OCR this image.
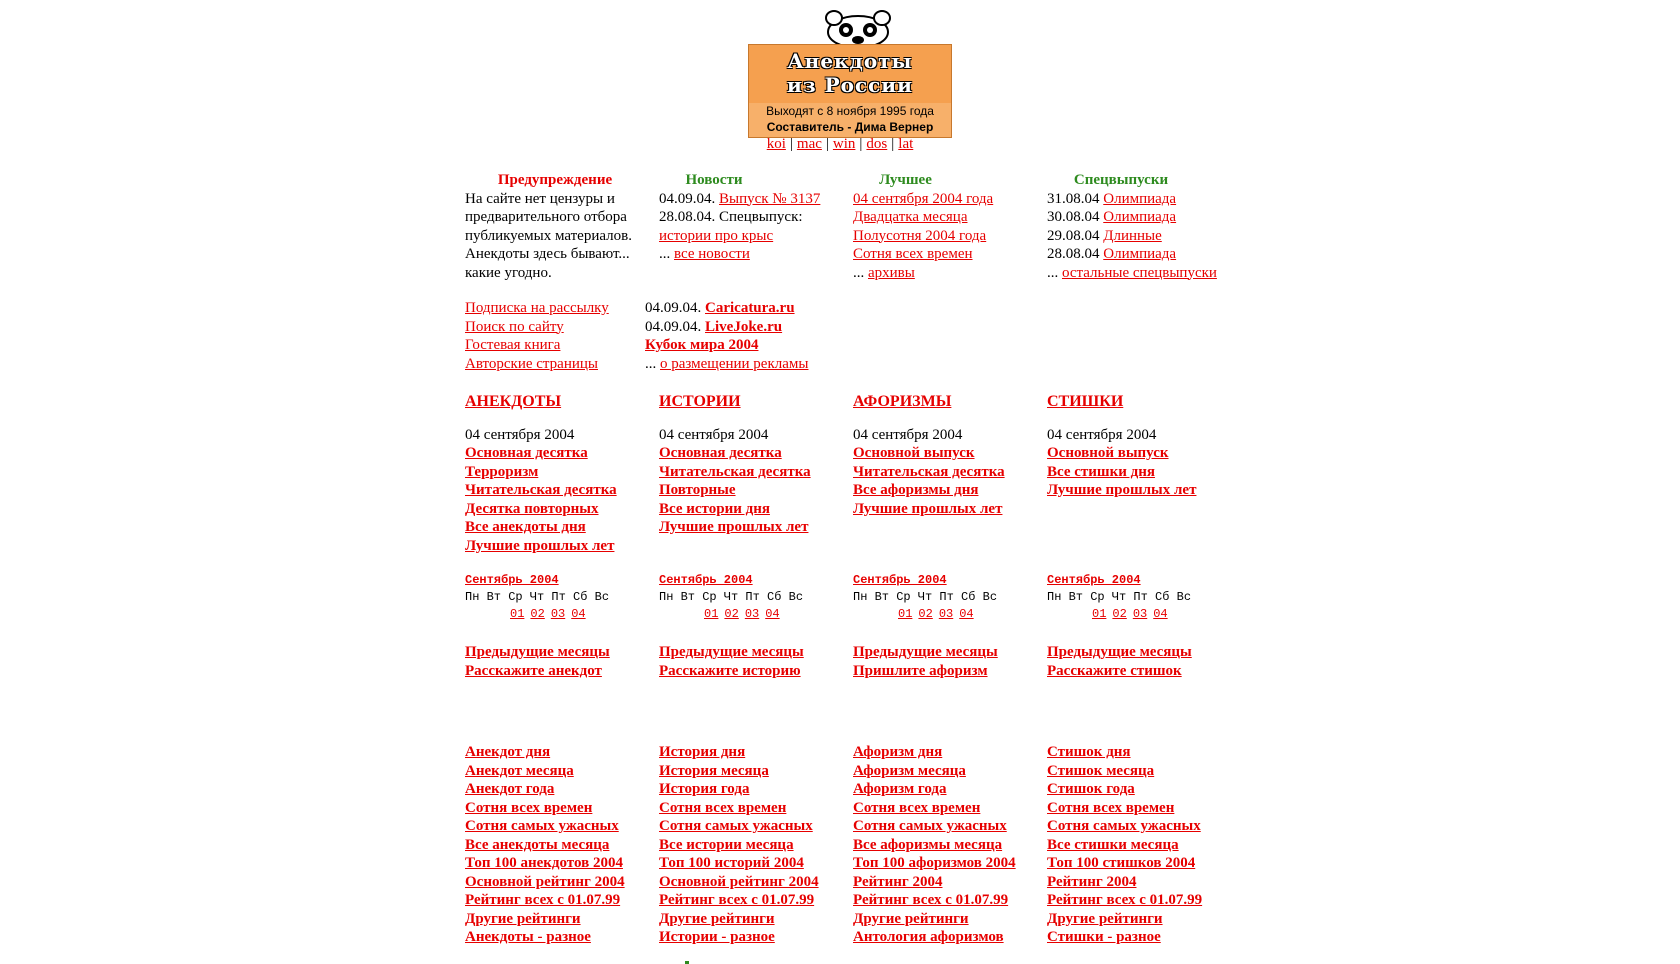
Анекдоты
из России
Выходят с 8 ноября 1995 года
Составитель - Дима Вернер
koi | mac | win | dos | lat
Предупреждение
На сайте нет цензуры и
предварительного отбора
публикуемых материалов.
Анекдоты здесь бывают...
какие угодно.
Новости
04.09.04. Выпуск № 3137
28.08.04. Спецвыпуск:
истории про крыс
... все новости
Лучшее
04 сентября 2004 года
Двадцатка месяца
Полусотня 2004 года
Сотня всех времен
... архивы
Спецвыпуски
31.08.04 Олимпиада
30.08.04 Олимпиада
29.08.04 Длинные
28.08.04 Олимпиада
... остальные спецвыпуски
Подписка на рассылку
Поиск по сайту
Гостевая книга
Авторские страницы
04.09.04. Caricatura.ru
04.09.04. LiveJoke.ru
Кубок мира 2004
... о размещении рекламы
АНЕКДОТЫ
04 сентября 2004
Основная десятка
Терроризм
Читательская десятка
Десятка повторных
Все анекдоты дня
Лучшие прошлых лет
Сентябрь 2004
Пн Вт Ср Чт Пт Сб Вс
01 02 03 04
Предыдущие месяцы
Расскажите анекдот
Анекдот дня
Анекдот месяца
Анекдот года
Сотня всех времен
Сотня самых ужасных
Все анекдоты месяца
Топ 100 анекдотов 2004
Основной рейтинг 2004
Рейтинг всех с 01.07.99
Другие рейтинги
Анекдоты - разное
ИСТОРИИ
04 сентября 2004
Основная десятка
Читательская десятка
Повторные
Все истории дня
Лучшие прошлых лет
Сентябрь 2004
Пн Вт Ср Чт Пт Сб Вс
01 02 03 04
Предыдущие месяцы
Расскажите историю
История дня
История месяца
История года
Сотня всех времен
Сотня самых ужасных
Все истории месяца
Топ 100 историй 2004
Основной рейтинг 2004
Рейтинг всех с 01.07.99
Другие рейтинги
Истории - разное
АФОРИЗМЫ
04 сентября 2004
Основной выпуск
Читательская десятка
Все афоризмы дня
Лучшие прошлых лет
Сентябрь 2004
Пн Вт Ср Чт Пт Сб Вс
01 02 03 04
Предыдущие месяцы
Пришлите афоризм
Афоризм дня
Афоризм месяца
Афоризм года
Сотня всех времен
Сотня самых ужасных
Все афоризмы месяца
Топ 100 афоризмов 2004
Рейтинг 2004
Рейтинг всех с 01.07.99
Другие рейтинги
Антология афоризмов
СТИШКИ
04 сентября 2004
Основной выпуск
Все стишки дня
Лучшие прошлых лет
Сентябрь 2004
Пн Вт Ср Чт Пт Сб Вс
01 02 03 04
Предыдущие месяцы
Расскажите стишок
Стишок дня
Стишок месяца
Стишок года
Сотня всех времен
Сотня самых ужасных
Все стишки месяца
Топ 100 стишков 2004
Рейтинг 2004
Рейтинг всех с 01.07.99
Другие рейтинги
Стишки - разное
